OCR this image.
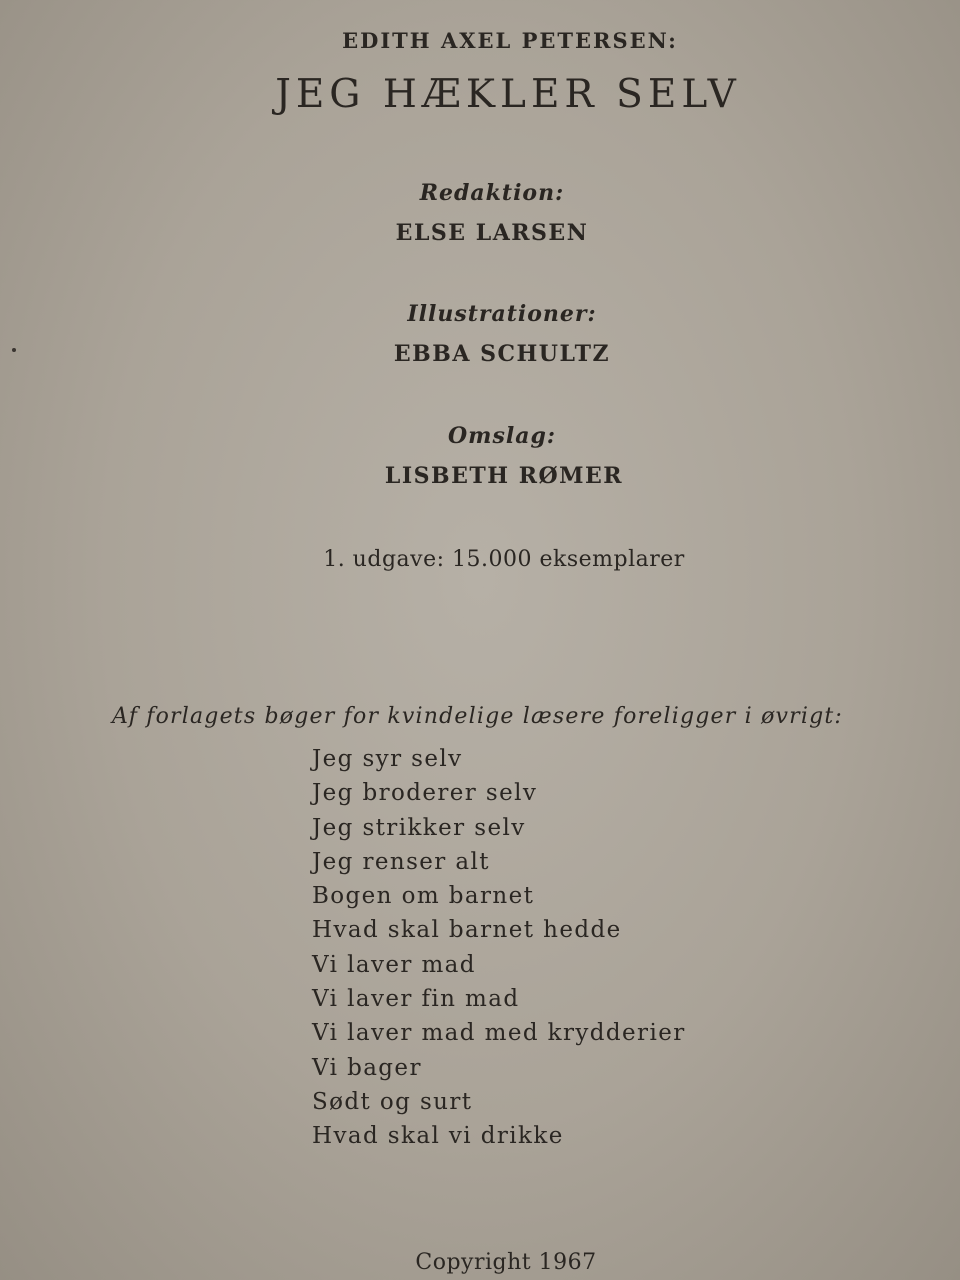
EDITH AXEL PETERSEN:

JEG HÆKLER SELV

Redaktion:

ELSE LARSEN

Illustrationer:

EBBA SCHULTZ

Omslag:

LISBETH RØMER

1. udgave: 15.000 eksemplarer

Af forlagets bøger for kvindelige læsere foreligger i øvrigt:

Jeg syr selv
Jeg broderer selv
Jeg strikker selv
Jeg renser alt
Bogen om barnet
Hvad skal barnet hedde
Vi laver mad
Vi laver fin mad
Vi laver mad med krydderier
Vi bager
Sødt og surt
Hvad skal vi drikke

Copyright 1967
